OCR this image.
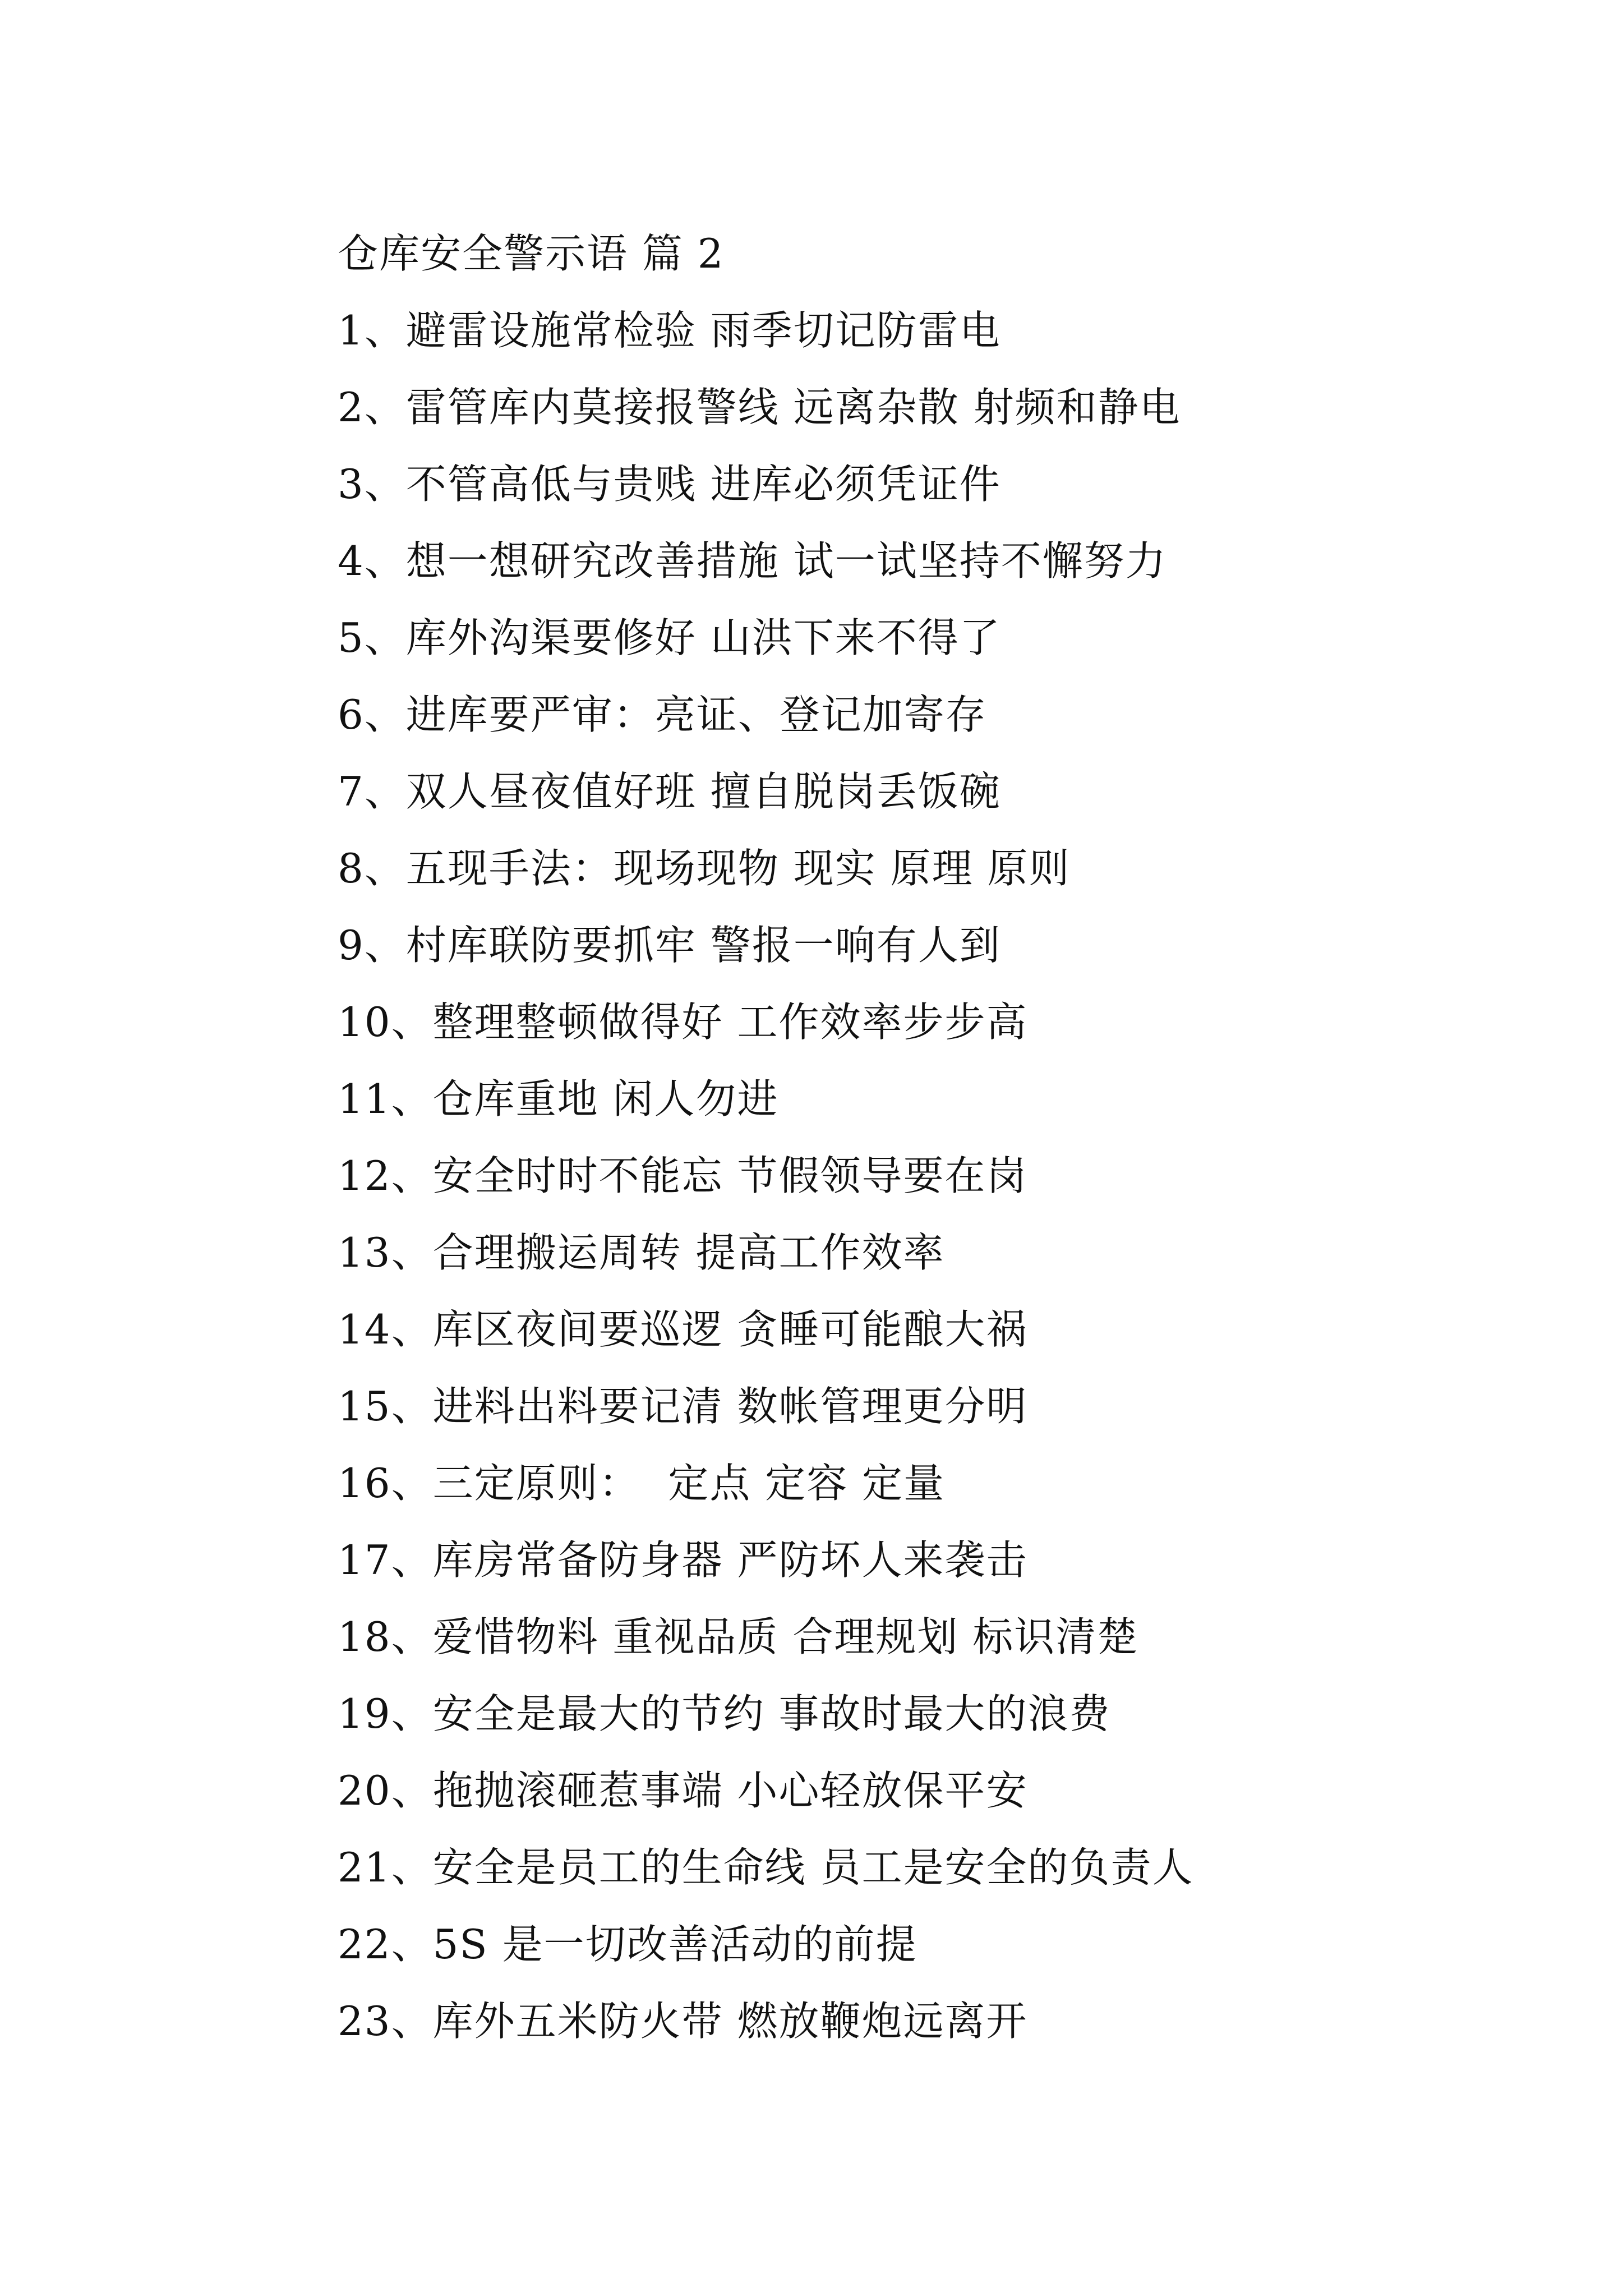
仓库安全警示语 篇 2
1、避雷设施常检验 雨季切记防雷电
2、雷管库内莫接报警线 远离杂散 射频和静电
3、不管高低与贵贱 进库必须凭证件
4、想一想研究改善措施 试一试坚持不懈努力
5、库外沟渠要修好 山洪下来不得了
6、进库要严审：亮证、登记加寄存
7、双人昼夜值好班 擅自脱岗丢饭碗
8、五现手法：现场现物 现实 原理 原则
9、村库联防要抓牢 警报一响有人到
10、整理整顿做得好 工作效率步步高
11、仓库重地 闲人勿进
12、安全时时不能忘 节假领导要在岗
13、合理搬运周转 提高工作效率
14、库区夜间要巡逻 贪睡可能酿大祸
15、进料出料要记清 数帐管理更分明
16、三定原则：  定点 定容 定量
17、库房常备防身器 严防坏人来袭击
18、爱惜物料 重视品质 合理规划 标识清楚
19、安全是最大的节约 事故时最大的浪费
20、拖抛滚砸惹事端 小心轻放保平安
21、安全是员工的生命线 员工是安全的负责人
22、5S 是一切改善活动的前提
23、库外五米防火带 燃放鞭炮远离开
